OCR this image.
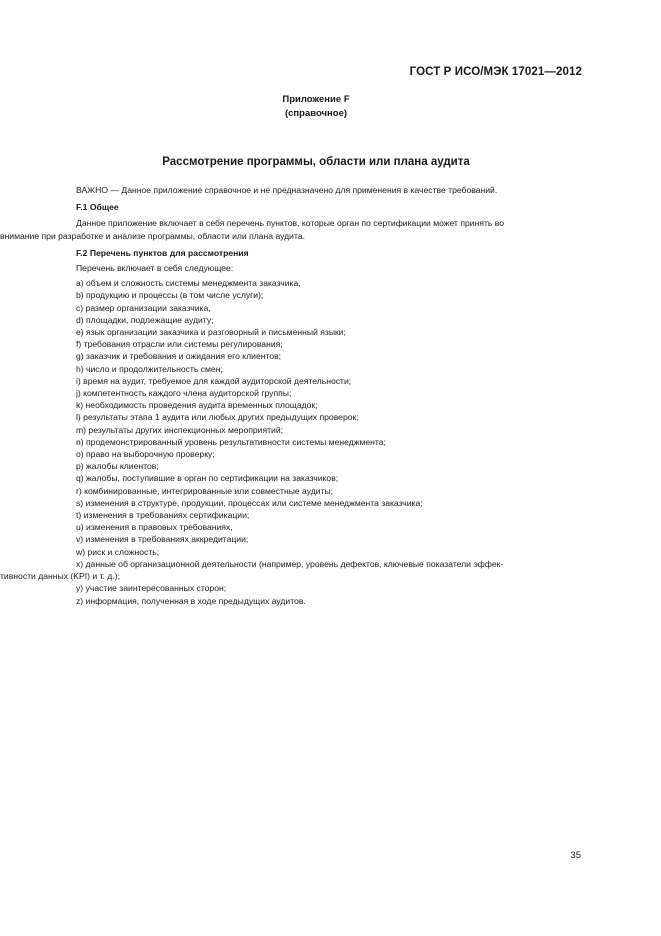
ГОСТ Р ИСО/МЭК 17021—2012
Приложение F
(справочное)
Рассмотрение программы, области или плана аудита

ВАЖНО — Данное приложение справочное и не предназначено для применения в качестве требований.

F.1 Общее

Данное приложение включает в себя перечень пунктов, которые орган по сертификации может принять во
внимание при разработке и анализе программы, области или плана аудита.

F.2 Перечень пунктов для рассмотрения

Перечень включает в себя следующее:

a) объем и сложность системы менеджмента заказчика,
b) продукцию и процессы (в том числе услуги);
c) размер организации заказчика,
d) площадки, подлежащие аудиту;
e) язык организации заказчика и разговорный и письменный языки;
f) требования отрасли или системы регулирования;
g) заказчик и требования и ожидания его клиентов;
h) число и продолжительность смен;
i) время на аудит, требуемое для каждой аудиторской деятельности;
j) компетентность каждого члена аудиторской группы;
k) необходимость проведения аудита временных площадок;
l) результаты этапа 1 аудита или любых других предыдущих проверок;
m) результаты других инспекционных мероприятий;
n) продемонстрированный уровень результативности системы менеджмента;
o) право на выборочную проверку;
p) жалобы клиентов;
q) жалобы, поступившие в орган по сертификации на заказчиков;
r) комбинированные, интегрированные или совместные аудиты;
s) изменения в структуре, продукции, процессах или системе менеджмента заказчика;
t) изменения в требованиях сертификации;
u) изменения в правовых требованиях,
v) изменения в требованиях аккредитации;
w) риск и сложность;
x) данные об организационной деятельности (например, уровень дефектов, ключевые показатели эффек-
тивности данных (KPI) и т. д.);
y) участие заинтересованных сторон;
z) информация, полученная в ходе предыдущих аудитов.
35
